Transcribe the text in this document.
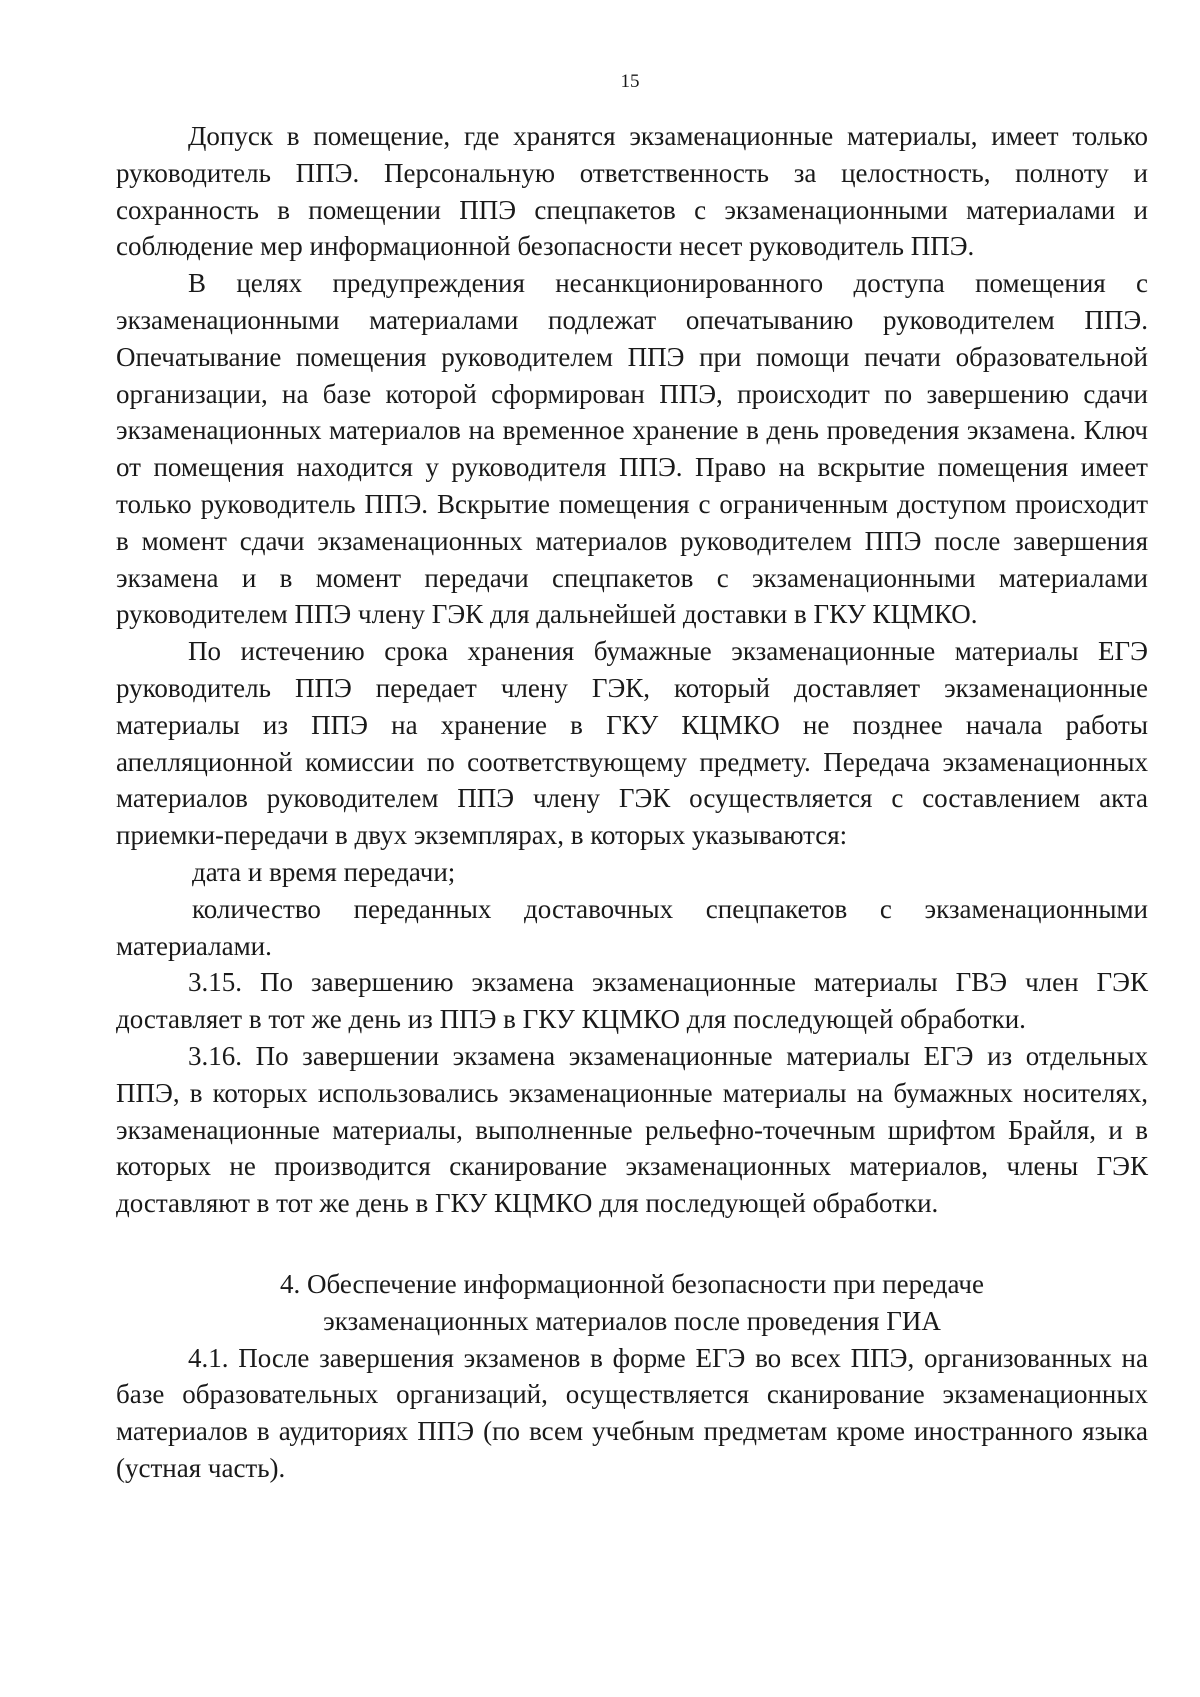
15

Допуск в помещение, где хранятся экзаменационные материалы, имеет только руководитель ППЭ. Персональную ответственность за целостность, полноту и сохранность в помещении ППЭ спецпакетов с экзаменационными материалами и соблюдение мер информационной безопасности несет руководитель ППЭ.

В целях предупреждения несанкционированного доступа помещения с экзаменационными материалами подлежат опечатыванию руководителем ППЭ. Опечатывание помещения руководителем ППЭ при помощи печати образовательной организации, на базе которой сформирован ППЭ, происходит по завершению сдачи экзаменационных материалов на временное хранение в день проведения экзамена. Ключ от помещения находится у руководителя ППЭ. Право на вскрытие помещения имеет только руководитель ППЭ. Вскрытие помещения с ограниченным доступом происходит в момент сдачи экзаменационных материалов руководителем ППЭ после завершения экзамена и в момент передачи спецпакетов с экзаменационными материалами руководителем ППЭ члену ГЭК для дальнейшей доставки в ГКУ КЦМКО.

По истечению срока хранения бумажные экзаменационные материалы ЕГЭ руководитель ППЭ передает члену ГЭК, который доставляет экзаменационные материалы из ППЭ на хранение в ГКУ КЦМКО не позднее начала работы апелляционной комиссии по соответствующему предмету. Передача экзаменационных материалов руководителем ППЭ члену ГЭК осуществляется с составлением акта приемки-передачи в двух экземплярах, в которых указываются:

дата и время передачи;

количество переданных доставочных спецпакетов с экзаменационными материалами.

3.15. По завершению экзамена экзаменационные материалы ГВЭ член ГЭК доставляет в тот же день из ППЭ в ГКУ КЦМКО для последующей обработки.

3.16. По завершении экзамена экзаменационные материалы ЕГЭ из отдельных ППЭ, в которых использовались экзаменационные материалы на бумажных носителях, экзаменационные материалы, выполненные рельефно-точечным шрифтом Брайля, и в которых не производится сканирование экзаменационных материалов, члены ГЭК доставляют в тот же день в ГКУ КЦМКО для последующей обработки.

4. Обеспечение информационной безопасности при передаче
экзаменационных материалов после проведения ГИА

4.1. После завершения экзаменов в форме ЕГЭ во всех ППЭ, организованных на базе образовательных организаций, осуществляется сканирование экзаменационных материалов в аудиториях ППЭ (по всем учебным предметам кроме иностранного языка (устная часть).
